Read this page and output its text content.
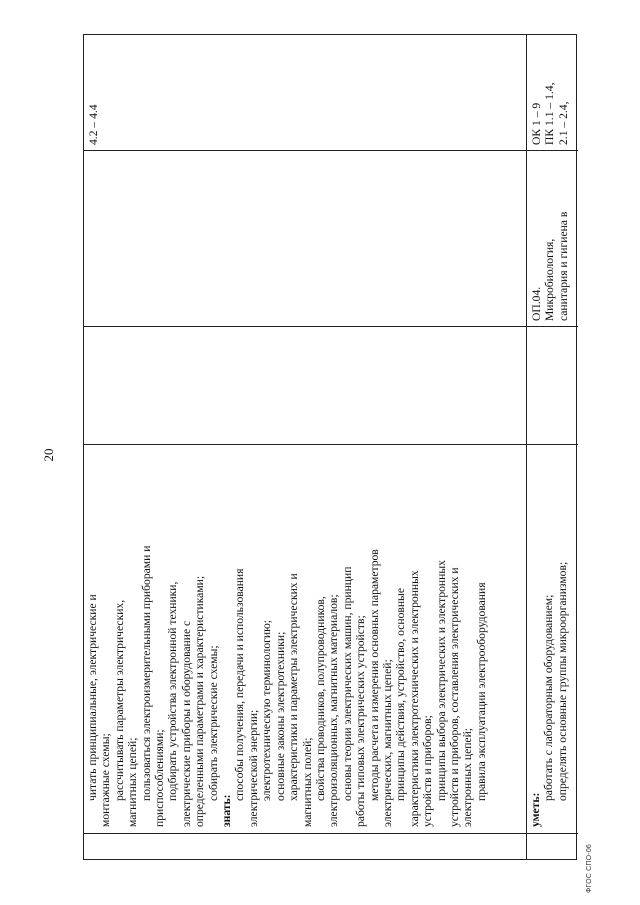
20
читать принципиальные, электрические и монтажные схемы; рассчитывать параметры электрических, магнитных цепей; пользоваться электроизмерительными приборами и приспособлениями; подбирать устройства электронной техники, электрические приборы и оборудование с определенными параметрами и характеристиками; собирать электрические схемы;
знать:
способы получения, передачи и использования электрической энергии; электротехническую терминологию; основные законы электротехники; характеристики и параметры электрических и магнитных полей; свойства проводников, полупроводников, электроизоляционных, магнитных материалов; основы теории электрических машин, принцип работы типовых электрических устройств; методы расчета и измерения основных параметров электрических, магнитных цепей; принципы действия, устройство, основные характеристики электротехнических и электронных устройств и приборов; принципы выбора электрических и электронных устройств и приборов, составления электрических и электронных цепей; правила эксплуатации электрооборудования
4.2 – 4.4
уметь:
работать с лабораторным оборудованием; определять основные группы микроорганизмов;
ОП.04. Микробиология, санитария и гигиена в
ОК 1 – 9 ПК 1.1 – 1.4, 2.1 – 2.4,
ФГОС СПО-06
